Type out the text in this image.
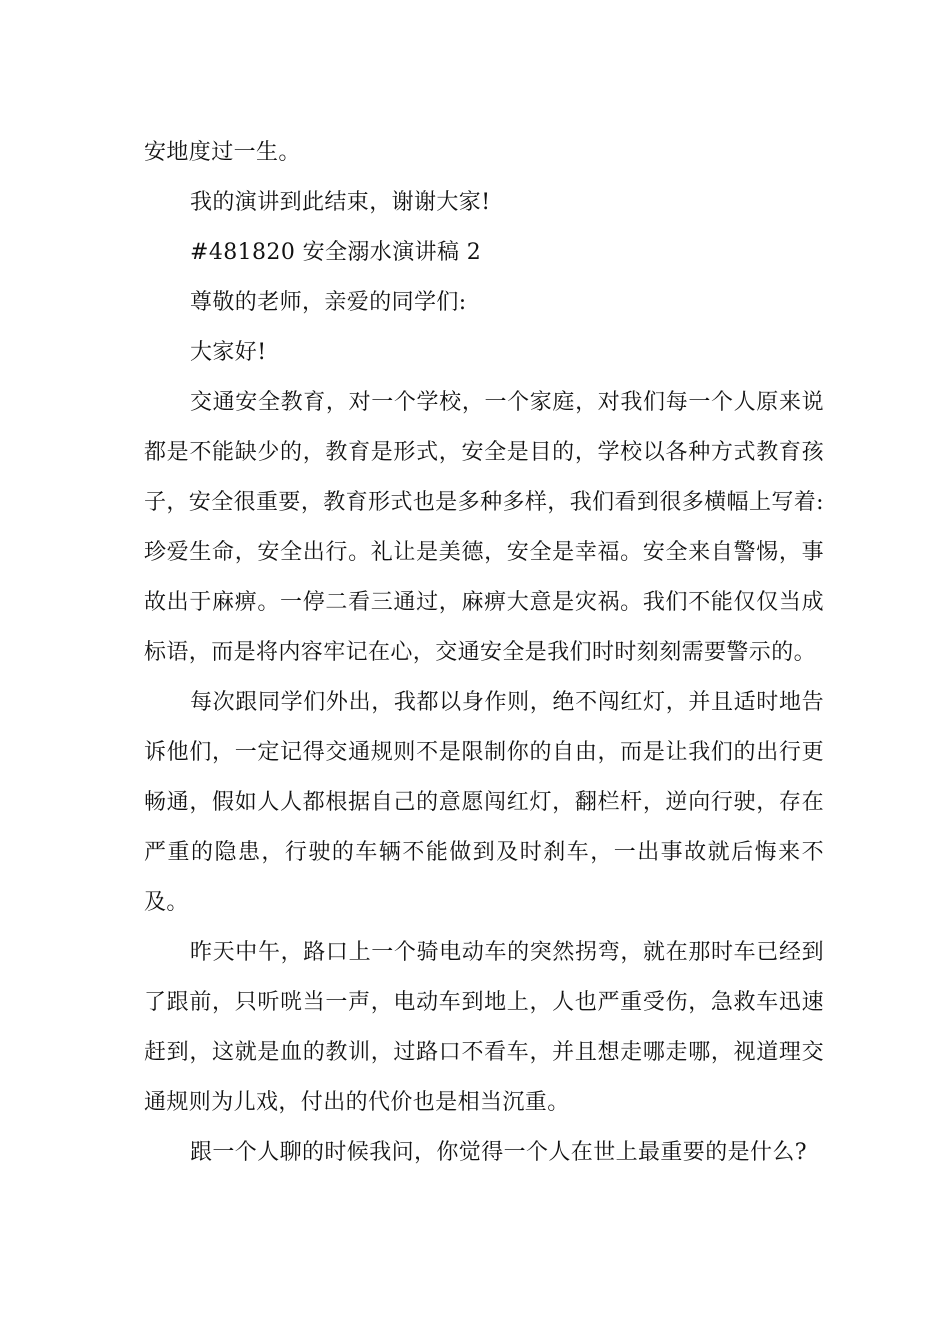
安地度过一生。

我的演讲到此结束，谢谢大家!

#481820 安全溺水演讲稿 2

尊敬的老师，亲爱的同学们:

大家好!

交通安全教育，对一个学校，一个家庭，对我们每一个人原来说都是不能缺少的，教育是形式，安全是目的，学校以各种方式教育孩子，安全很重要，教育形式也是多种多样，我们看到很多横幅上写着:珍爱生命，安全出行。礼让是美德，安全是幸福。安全来自警惕，事故出于麻痹。一停二看三通过，麻痹大意是灾祸。我们不能仅仅当成标语，而是将内容牢记在心，交通安全是我们时时刻刻需要警示的。

每次跟同学们外出，我都以身作则，绝不闯红灯，并且适时地告诉他们，一定记得交通规则不是限制你的自由，而是让我们的出行更畅通，假如人人都根据自己的意愿闯红灯，翻栏杆，逆向行驶，存在严重的隐患，行驶的车辆不能做到及时刹车，一出事故就后悔来不及。

昨天中午，路口上一个骑电动车的突然拐弯，就在那时车已经到了跟前，只听咣当一声，电动车到地上，人也严重受伤，急救车迅速赶到，这就是血的教训，过路口不看车，并且想走哪走哪，视道理交通规则为儿戏，付出的代价也是相当沉重。

跟一个人聊的时候我问，你觉得一个人在世上最重要的是什么?
